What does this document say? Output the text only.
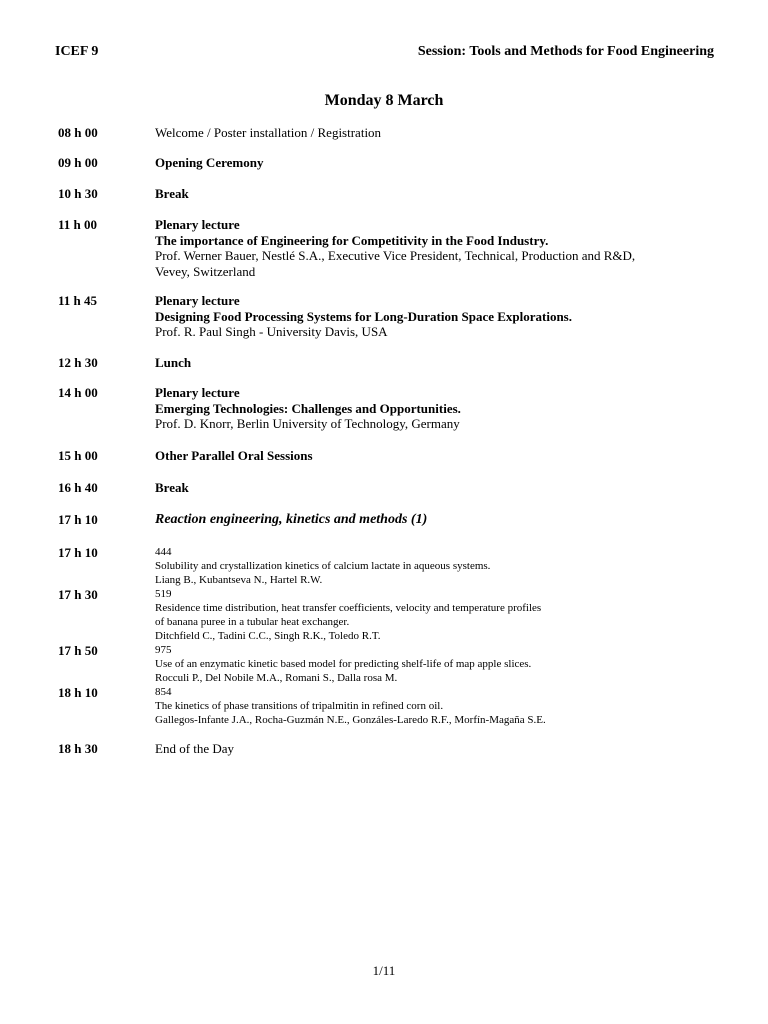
ICEF 9	Session: Tools and Methods for Food Engineering
Monday 8 March
08 h 00	Welcome / Poster installation / Registration
09 h 00	Opening Ceremony
10 h 30	Break
11 h 00	Plenary lecture
The importance of Engineering for Competitivity in the Food Industry.
Prof. Werner Bauer, Nestlé S.A., Executive Vice President, Technical, Production and R&D,
Vevey, Switzerland
11 h 45	Plenary lecture
Designing Food Processing Systems for Long-Duration Space Explorations.
Prof. R. Paul Singh - University Davis, USA
12 h 30	Lunch
14 h 00	Plenary lecture
Emerging Technologies: Challenges and Opportunities.
Prof. D. Knorr, Berlin University of Technology, Germany
15 h 00	Other Parallel Oral Sessions
16 h 40	Break
17 h 10	Reaction engineering, kinetics and methods (1)
17 h 10	444
Solubility and crystallization kinetics of calcium lactate in aqueous systems.
Liang B., Kubantseva N., Hartel R.W.
17 h 30	519
Residence time distribution, heat transfer coefficients, velocity and temperature profiles
of banana puree in a tubular heat exchanger.
Ditchfield C., Tadini C.C., Singh R.K., Toledo R.T.
17 h 50	975
Use of an enzymatic kinetic based model for predicting shelf-life of map apple slices.
Rocculi P., Del Nobile M.A., Romani S., Dalla rosa M.
18 h 10	854
The kinetics of phase transitions of tripalmitin in refined corn oil.
Gallegos-Infante J.A., Rocha-Guzmán N.E., Gonzáles-Laredo R.F., Morfín-Magaña S.E.
18 h 30	End of the Day
1/11
